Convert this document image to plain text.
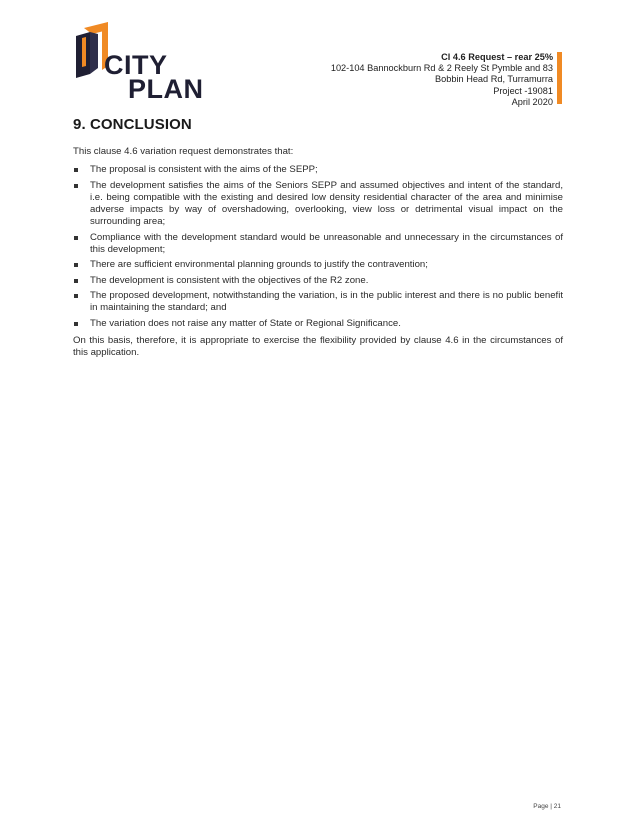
CITY
PLAN
Cl 4.6 Request – rear 25%
102-104 Bannockburn Rd & 2 Reely St Pymble and 83
Bobbin Head Rd, Turramurra
Project -19081
April 2020
9. CONCLUSION

This clause 4.6 variation request demonstrates that:

The proposal is consistent with the aims of the SEPP;
The development satisfies the aims of the Seniors SEPP and assumed objectives and intent of the standard, i.e. being compatible with the existing and desired low density residential character of the area and minimise adverse impacts by way of overshadowing, overlooking, view loss or detrimental visual impact on the surrounding area;
Compliance with the development standard would be unreasonable and unnecessary in the circumstances of this development;
There are sufficient environmental planning grounds to justify the contravention;
The development is consistent with the objectives of the R2 zone.
The proposed development, notwithstanding the variation, is in the public interest and there is no public benefit in maintaining the standard; and
The variation does not raise any matter of State or Regional Significance.

On this basis, therefore, it is appropriate to exercise the flexibility provided by clause 4.6 in the circumstances of this application.

Page | 21
